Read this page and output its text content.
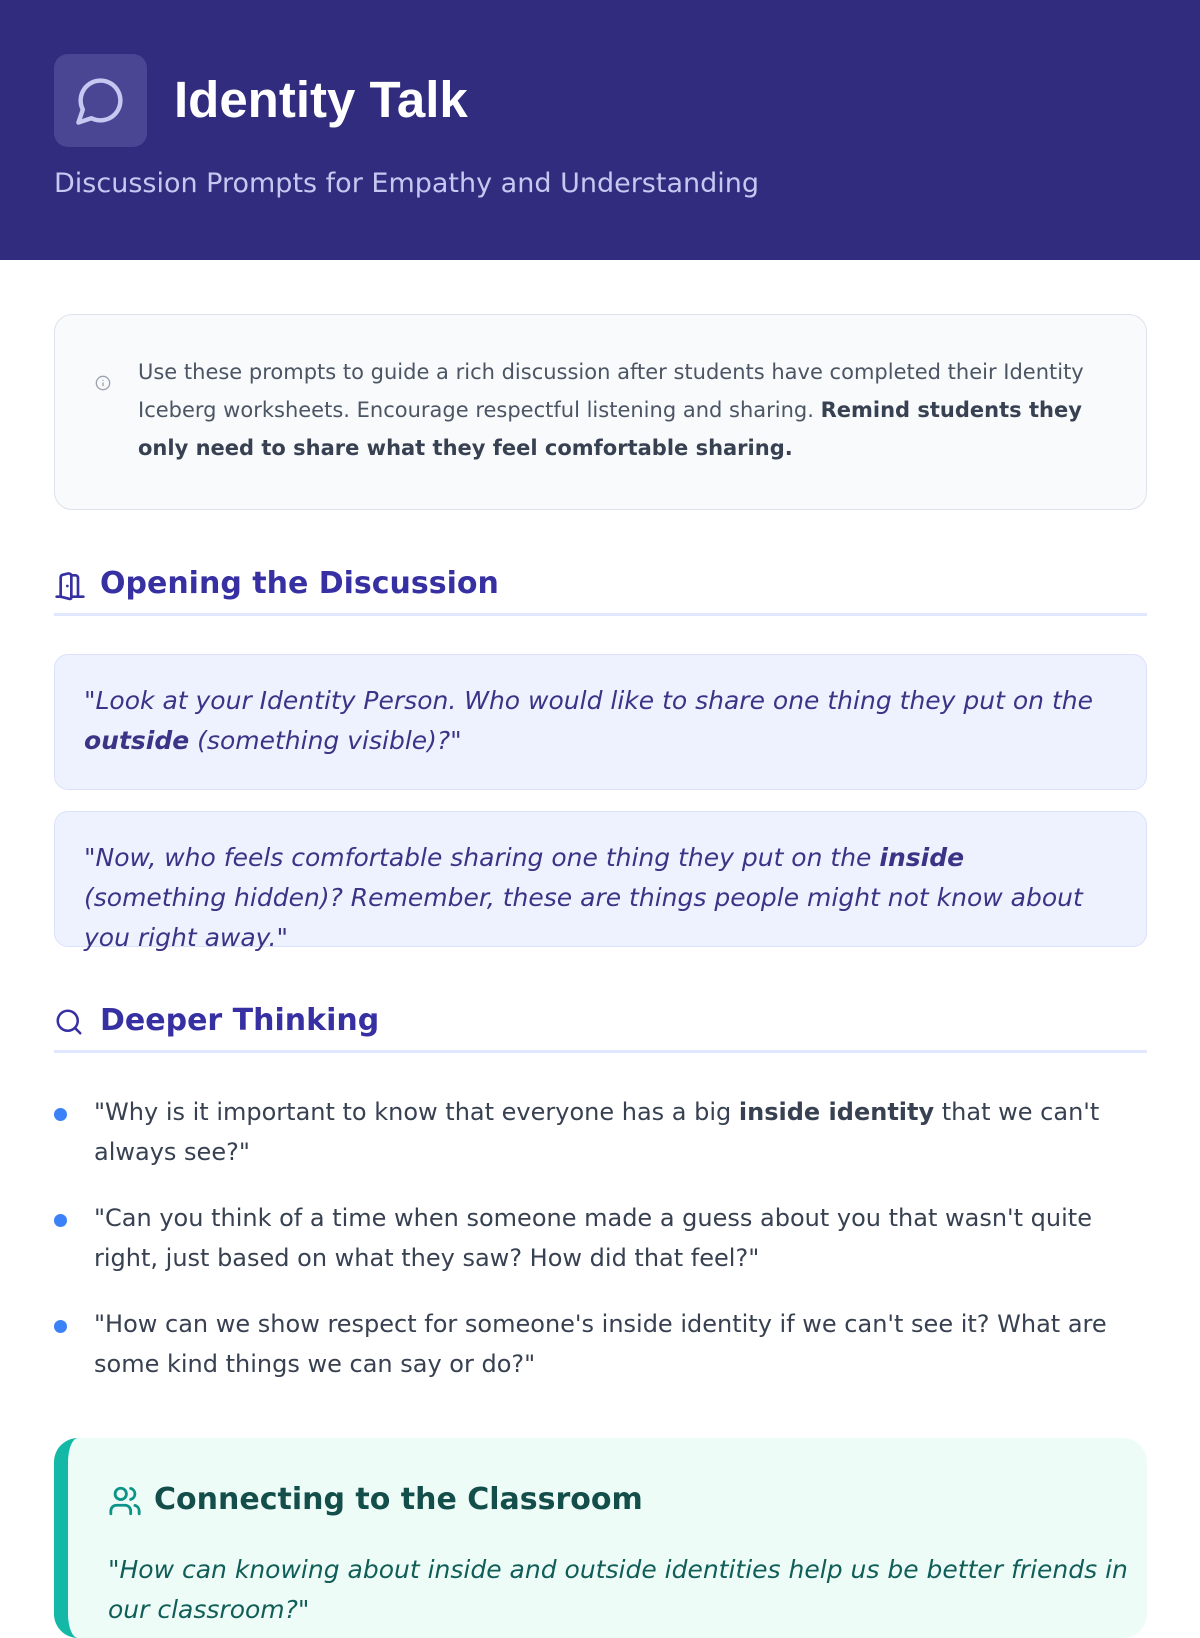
Identity Talk
Discussion Prompts for Empathy and Understanding
Use these prompts to guide a rich discussion after students have completed their Identity Iceberg worksheets. Encourage respectful listening and sharing. Remind students they only need to share what they feel comfortable sharing.
Opening the Discussion
"Look at your Identity Person. Who would like to share one thing they put on the outside (something visible)?"
"Now, who feels comfortable sharing one thing they put on the inside (something hidden)? Remember, these are things people might not know about you right away."
Deeper Thinking
"Why is it important to know that everyone has a big inside identity that we can't always see?"
"Can you think of a time when someone made a guess about you that wasn't quite right, just based on what they saw? How did that feel?"
"How can we show respect for someone's inside identity if we can't see it? What are some kind things we can say or do?"
Connecting to the Classroom
"How can knowing about inside and outside identities help us be better friends in our classroom?"
